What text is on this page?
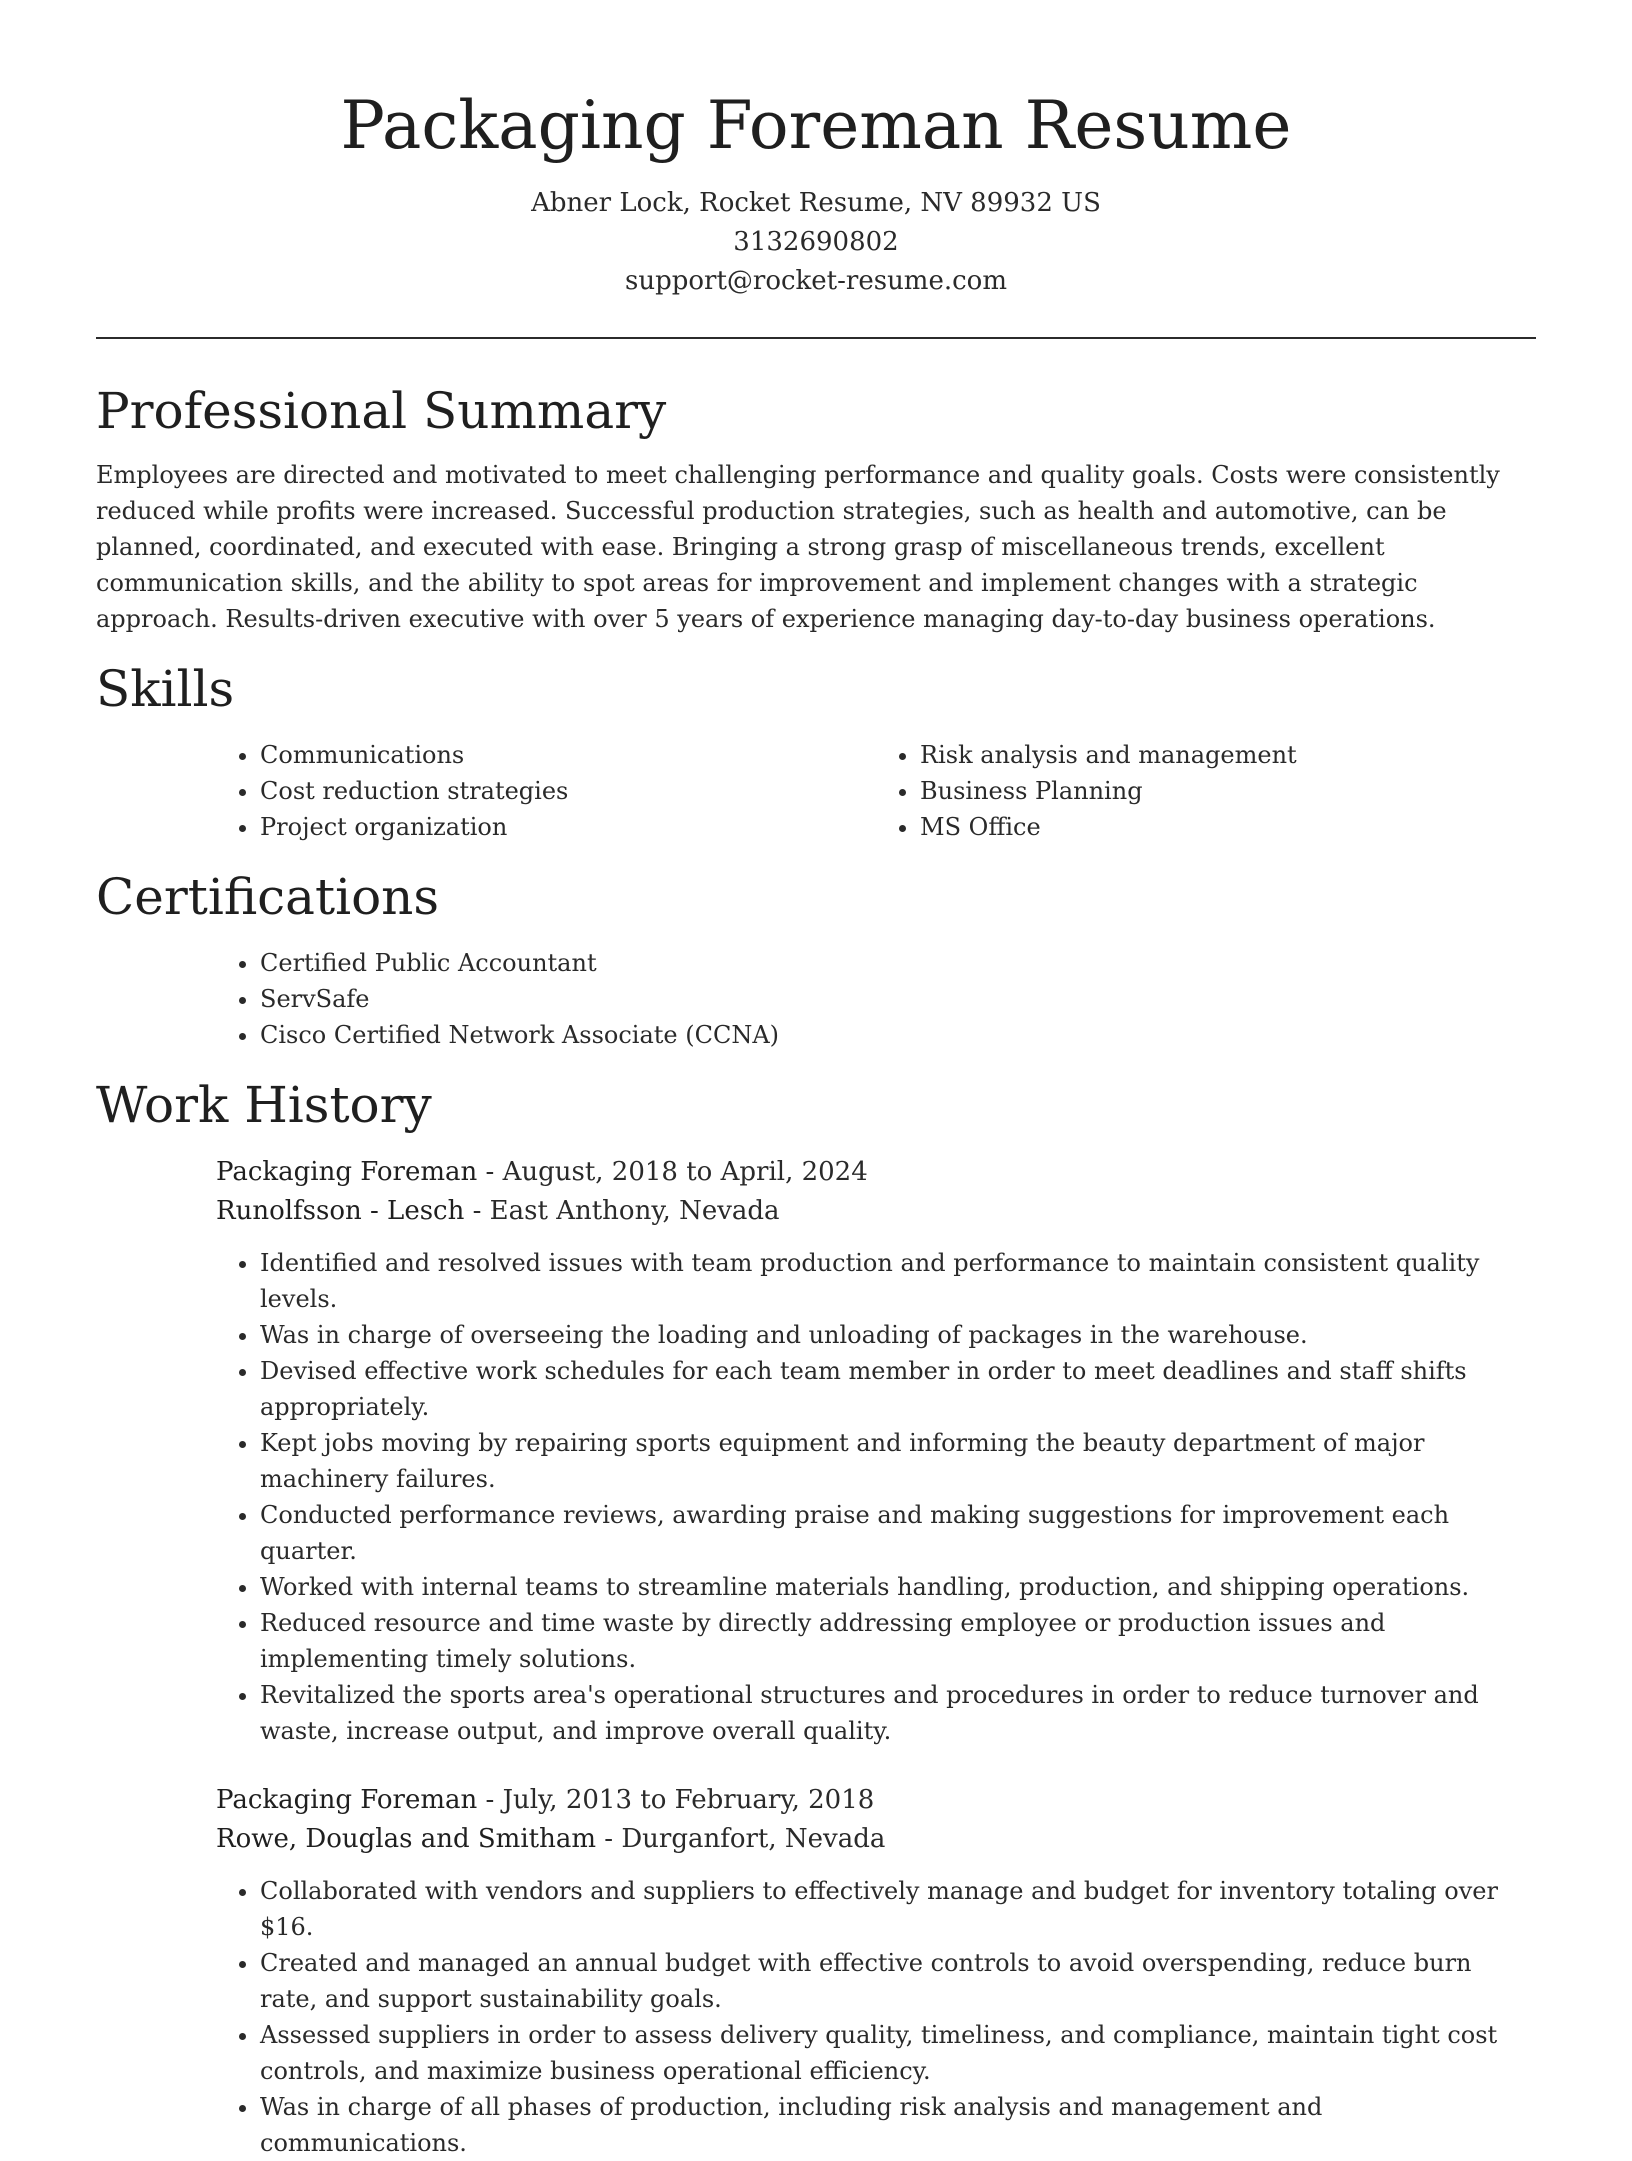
Packaging Foreman Resume
Abner Lock, Rocket Resume, NV 89932 US
3132690802
support@rocket-resume.com
Professional Summary

Employees are directed and motivated to meet challenging performance and quality goals. Costs were consistently reduced while profits were increased. Successful production strategies, such as health and automotive, can be planned, coordinated, and executed with ease. Bringing a strong grasp of miscellaneous trends, excellent communication skills, and the ability to spot areas for improvement and implement changes with a strategic approach. Results-driven executive with over 5 years of experience managing day-to-day business operations.

Skills
• Communications
• Cost reduction strategies
• Project organization
• Risk analysis and management
• Business Planning
• MS Office
Certifications
• Certified Public Accountant
• ServSafe
• Cisco Certified Network Associate (CCNA)
Work History
Packaging Foreman - August, 2018 to April, 2024
Runolfsson - Lesch - East Anthony, Nevada
• Identified and resolved issues with team production and performance to maintain consistent quality levels.
• Was in charge of overseeing the loading and unloading of packages in the warehouse.
• Devised effective work schedules for each team member in order to meet deadlines and staff shifts appropriately.
• Kept jobs moving by repairing sports equipment and informing the beauty department of major machinery failures.
• Conducted performance reviews, awarding praise and making suggestions for improvement each quarter.
• Worked with internal teams to streamline materials handling, production, and shipping operations.
• Reduced resource and time waste by directly addressing employee or production issues and implementing timely solutions.
• Revitalized the sports area's operational structures and procedures in order to reduce turnover and waste, increase output, and improve overall quality.
Packaging Foreman - July, 2013 to February, 2018
Rowe, Douglas and Smitham - Durganfort, Nevada
• Collaborated with vendors and suppliers to effectively manage and budget for inventory totaling over $16.
• Created and managed an annual budget with effective controls to avoid overspending, reduce burn rate, and support sustainability goals.
• Assessed suppliers in order to assess delivery quality, timeliness, and compliance, maintain tight cost controls, and maximize business operational efficiency.
• Was in charge of all phases of production, including risk analysis and management and communications.
